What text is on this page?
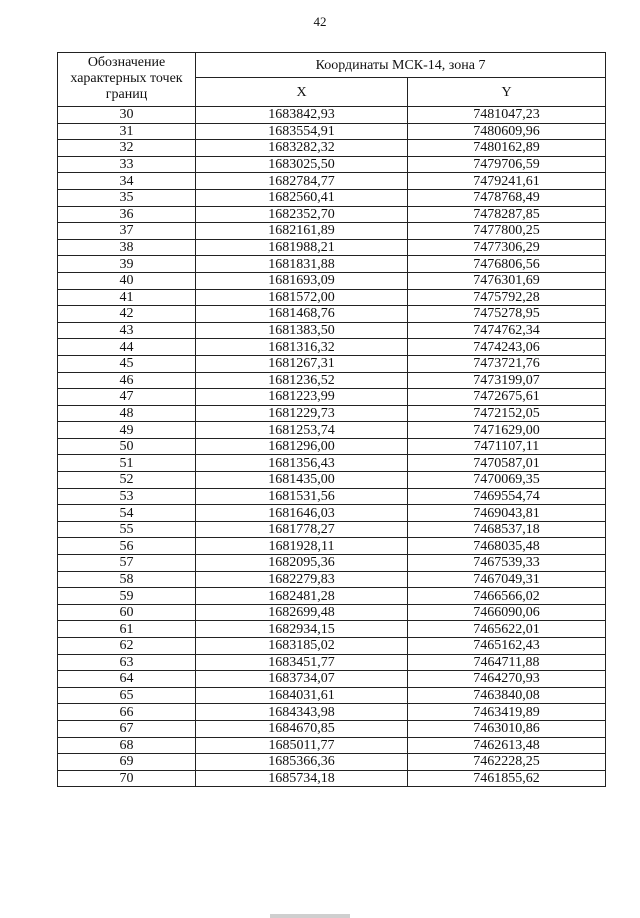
42
Обозначение характерных точек границ	Координаты МСК-14, зона 7	
	X	Y
30	1683842,93	7481047,23
31	1683554,91	7480609,96
32	1683282,32	7480162,89
33	1683025,50	7479706,59
34	1682784,77	7479241,61
35	1682560,41	7478768,49
36	1682352,70	7478287,85
37	1682161,89	7477800,25
38	1681988,21	7477306,29
39	1681831,88	7476806,56
40	1681693,09	7476301,69
41	1681572,00	7475792,28
42	1681468,76	7475278,95
43	1681383,50	7474762,34
44	1681316,32	7474243,06
45	1681267,31	7473721,76
46	1681236,52	7473199,07
47	1681223,99	7472675,61
48	1681229,73	7472152,05
49	1681253,74	7471629,00
50	1681296,00	7471107,11
51	1681356,43	7470587,01
52	1681435,00	7470069,35
53	1681531,56	7469554,74
54	1681646,03	7469043,81
55	1681778,27	7468537,18
56	1681928,11	7468035,48
57	1682095,36	7467539,33
58	1682279,83	7467049,31
59	1682481,28	7466566,02
60	1682699,48	7466090,06
61	1682934,15	7465622,01
62	1683185,02	7465162,43
63	1683451,77	7464711,88
64	1683734,07	7464270,93
65	1684031,61	7463840,08
66	1684343,98	7463419,89
67	1684670,85	7463010,86
68	1685011,77	7462613,48
69	1685366,36	7462228,25
70	1685734,18	7461855,62
